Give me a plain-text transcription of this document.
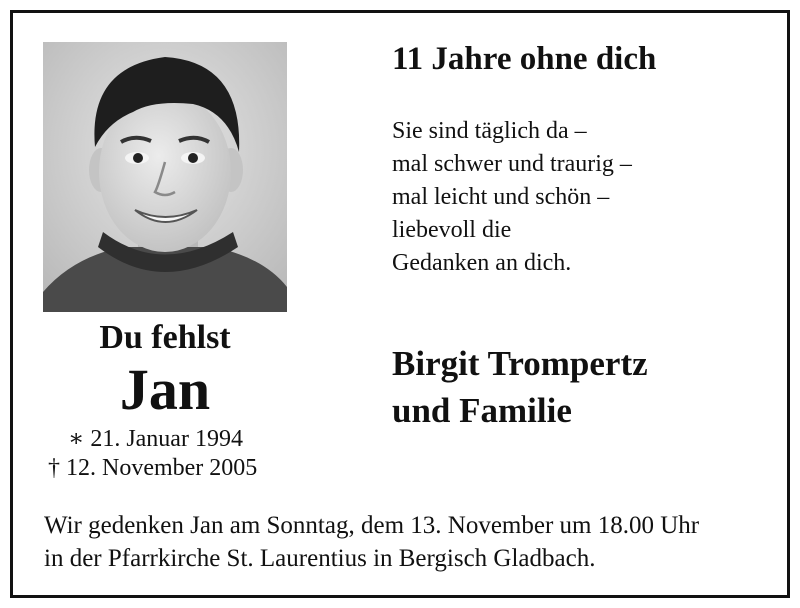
Du fehlst
Jan
∗ 21. Januar 1994
† 12. November 2005
11 Jahre ohne dich
Sie sind täglich da –
mal schwer und traurig –
mal leicht und schön –
liebevoll die
Gedanken an dich.
Birgit Trompertz
und Familie
Wir gedenken Jan am Sonntag, dem 13. November um 18.00 Uhr
in der Pfarrkirche St. Laurentius in Bergisch Gladbach.
